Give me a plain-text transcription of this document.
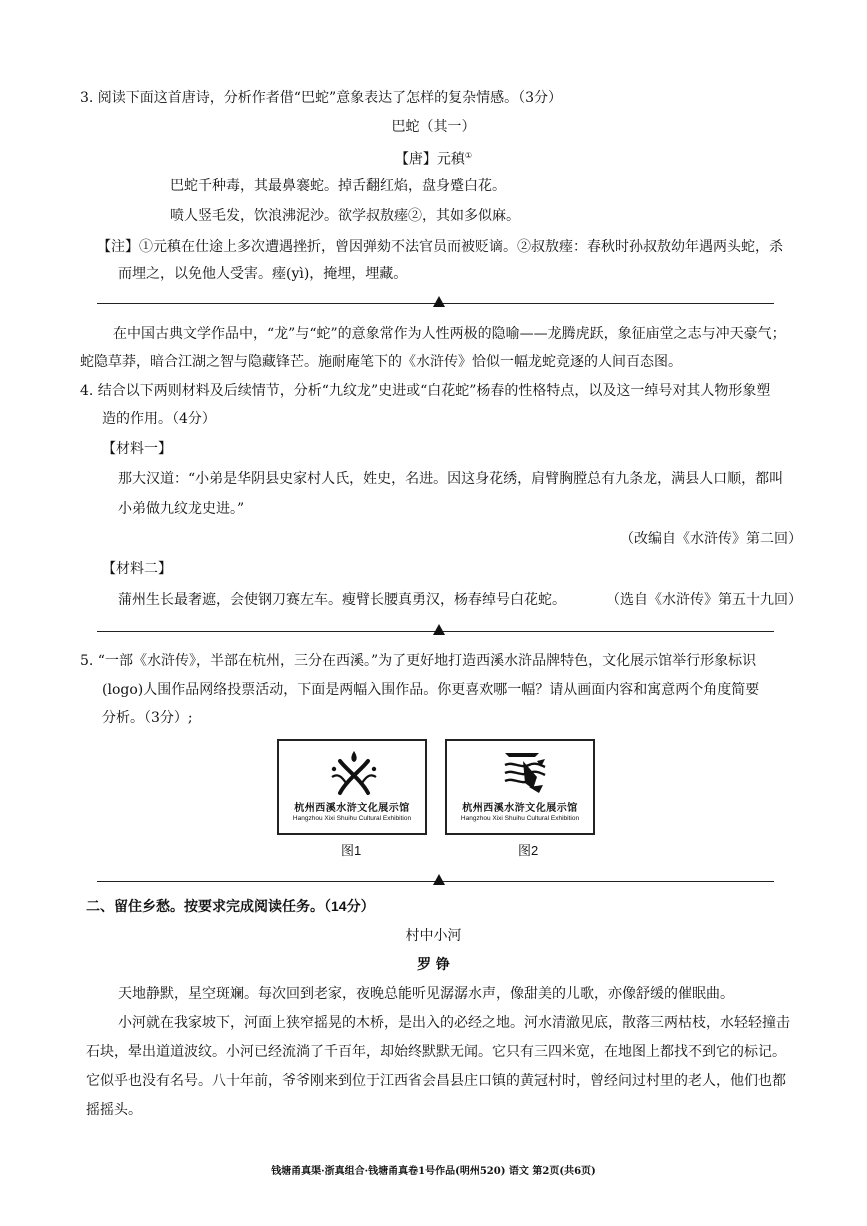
3. 阅读下面这首唐诗，分析作者借“巴蛇”意象表达了怎样的复杂情感。（3分）
巴蛇（其一）
【唐】元稹①
巴蛇千种毒，其最鼻褰蛇。掉舌翻红焰，盘身蹙白花。
喷人竖毛发，饮浪沸泥沙。欲学叔敖瘗②，其如多似麻。
【注】①元稹在仕途上多次遭遇挫折，曾因弹劾不法官员而被贬谪。②叔敖瘗：春秋时孙叔敖幼年遇两头蛇，杀
而埋之，以免他人受害。瘗(yì)，掩埋，埋藏。
在中国古典文学作品中，“龙”与“蛇”的意象常作为人性两极的隐喻——龙腾虎跃，象征庙堂之志与冲天豪气；
蛇隐草莽，暗合江湖之智与隐藏锋芒。施耐庵笔下的《水浒传》恰似一幅龙蛇竞逐的人间百态图。
4. 结合以下两则材料及后续情节，分析“九纹龙”史进或“白花蛇”杨春的性格特点，以及这一绰号对其人物形象塑
造的作用。（4分）
【材料一】
那大汉道：“小弟是华阴县史家村人氏，姓史，名进。因这身花绣，肩臂胸膛总有九条龙，满县人口顺，都叫
小弟做九纹龙史进。”
（改编自《水浒传》第二回）
【材料二】
蒲州生长最奢遮，会使钢刀赛左车。瘦臂长腰真勇汉，杨春绰号白花蛇。	（选自《水浒传》第五十九回）
5. “一部《水浒传》，半部在杭州，三分在西溪。”为了更好地打造西溪水浒品牌特色，文化展示馆举行形象标识
(logo)人围作品网络投票活动，下面是两幅入围作品。你更喜欢哪一幅？请从画面内容和寓意两个角度简要
分析。（3分）;
杭州西溪水浒文化展示馆
Hangzhou Xixi Shuihu Cultural Exhibition
杭州西溪水浒文化展示馆
Hangzhou Xixi Shuihu Cultural Exhibition
图1	图2
二、留住乡愁。按要求完成阅读任务。（14分）
村中小河
罗 铮
天地静默，星空斑斓。每次回到老家，夜晚总能听见潺潺水声，像甜美的儿歌，亦像舒缓的催眠曲。
小河就在我家坡下，河面上狭窄摇晃的木桥，是出入的必经之地。河水清澈见底，散落三两枯枝，水轻轻撞击
石块，晕出道道波纹。小河已经流淌了千百年，却始终默默无闻。它只有三四米宽，在地图上都找不到它的标记。
它似乎也没有名号。八十年前，爷爷刚来到位于江西省会昌县庄口镇的黄冠村时，曾经问过村里的老人，他们也都
摇摇头。
钱塘甬真渠·浙真组合·钱塘甬真卷1号作品(明州520) 语文 第2页(共6页)
